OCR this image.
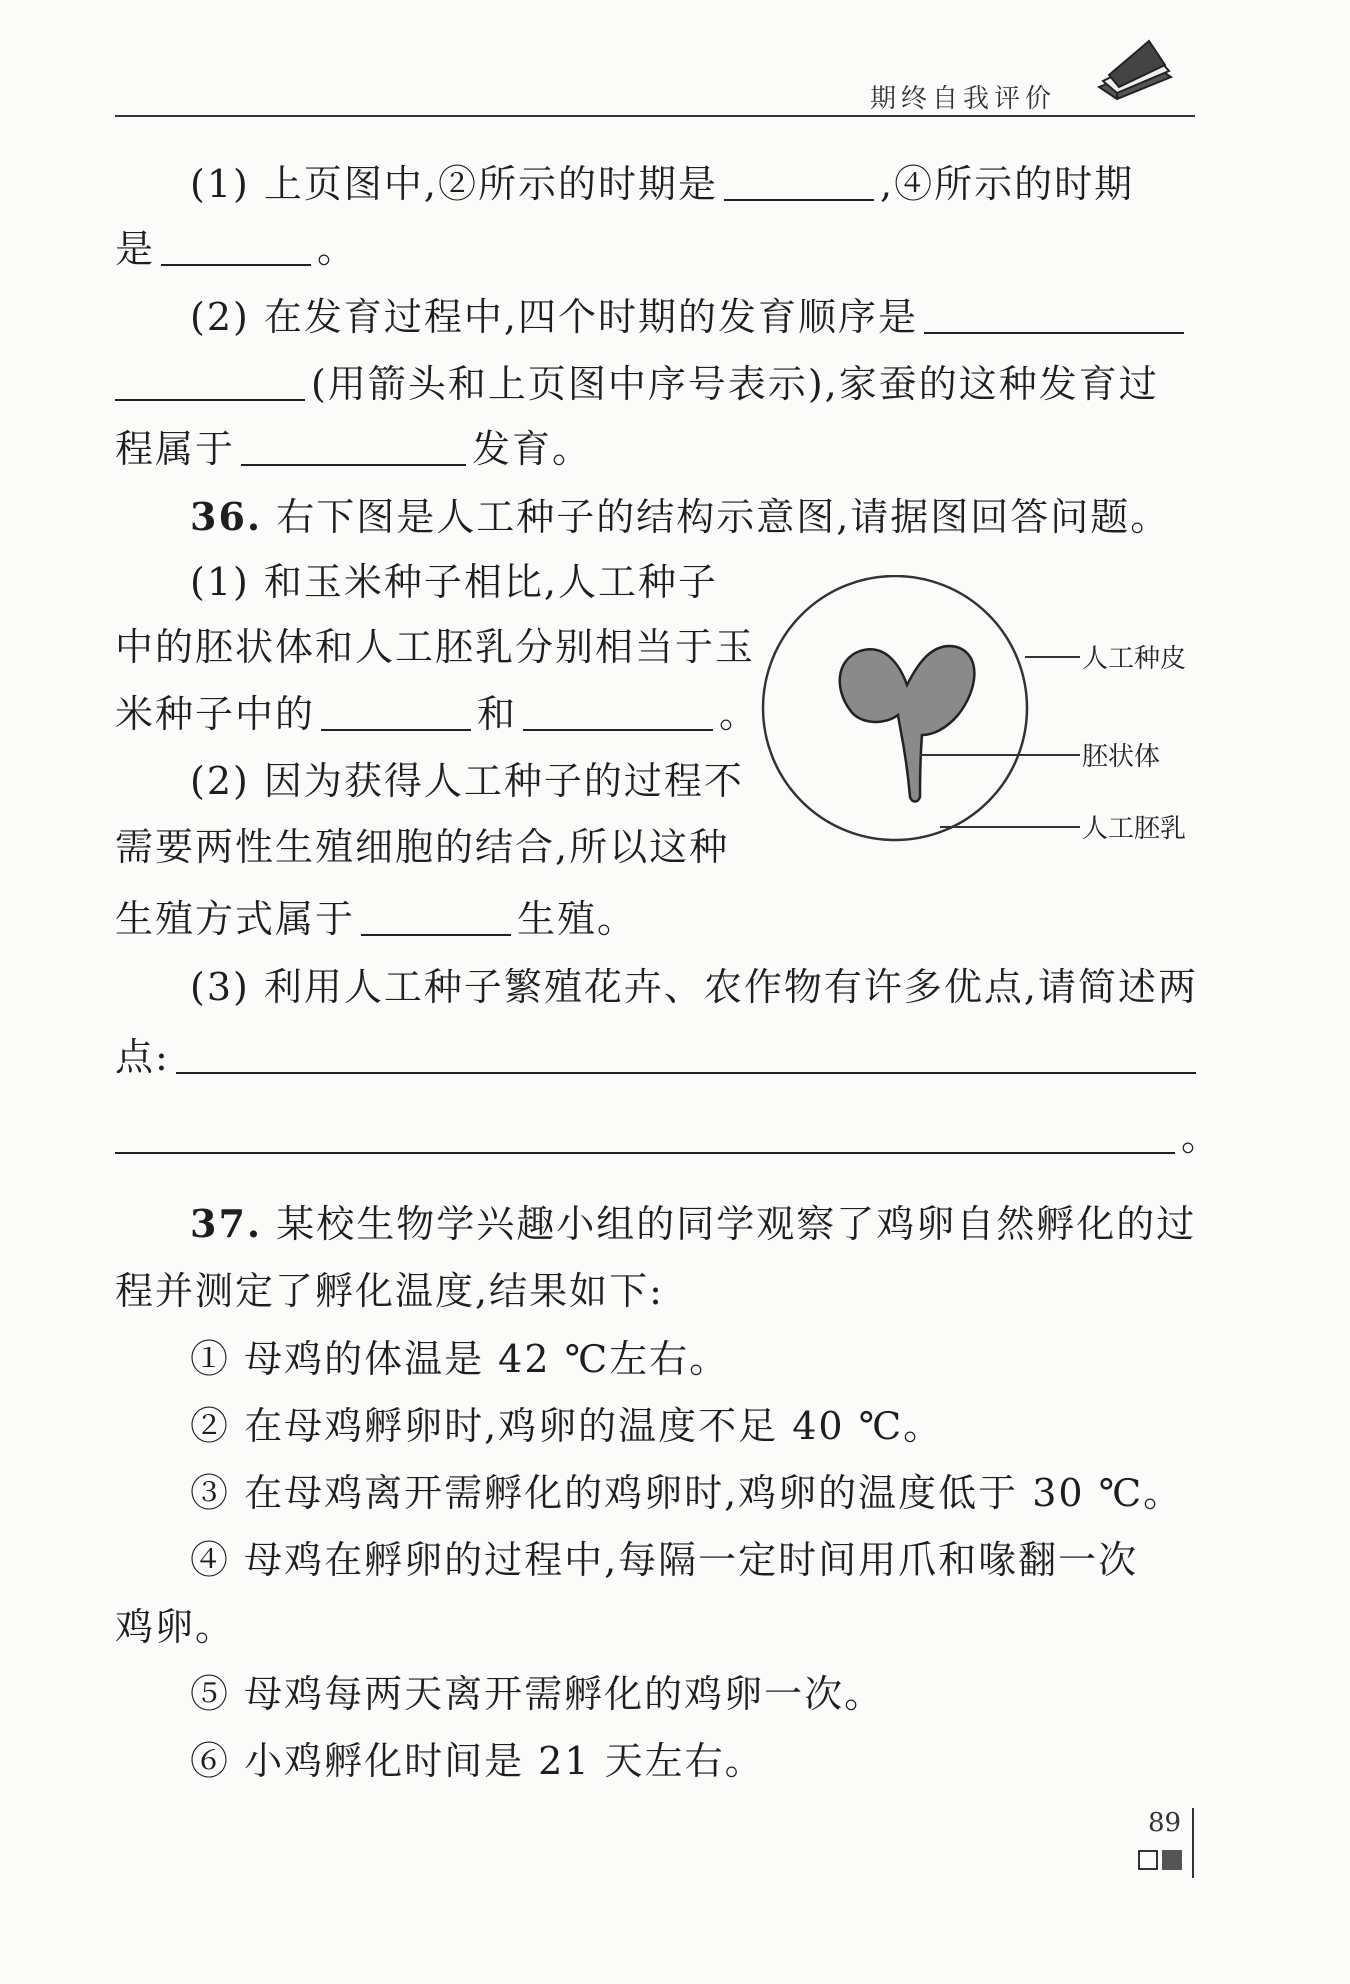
期终自我评价
(1) 上页图中,②所示的时期是	,④所示的时期
是	。
(2) 在发育过程中,四个时期的发育顺序是
(用箭头和上页图中序号表示),家蚕的这种发育过
程属于	发育。
36. 右下图是人工种子的结构示意图,请据图回答问题。
(1) 和玉米种子相比,人工种子
中的胚状体和人工胚乳分别相当于玉
米种子中的	和	。
(2) 因为获得人工种子的过程不
需要两性生殖细胞的结合,所以这种
生殖方式属于	生殖。
(3) 利用人工种子繁殖花卉、农作物有许多优点,请简述两
点:
。
人工种皮
胚状体
人工胚乳
37. 某校生物学兴趣小组的同学观察了鸡卵自然孵化的过
程并测定了孵化温度,结果如下:
① 母鸡的体温是 42 ℃左右。
② 在母鸡孵卵时,鸡卵的温度不足 40 ℃。
③ 在母鸡离开需孵化的鸡卵时,鸡卵的温度低于 30 ℃。
④ 母鸡在孵卵的过程中,每隔一定时间用爪和喙翻一次
鸡卵。
⑤ 母鸡每两天离开需孵化的鸡卵一次。
⑥ 小鸡孵化时间是 21 天左右。
89
